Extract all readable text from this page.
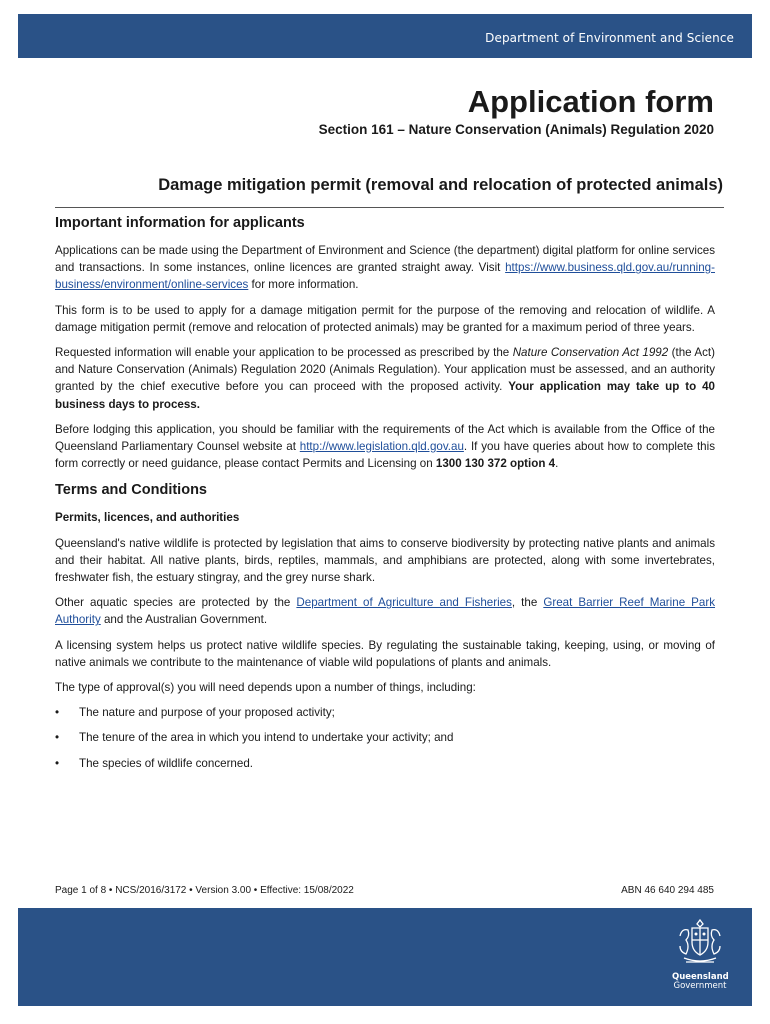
Department of Environment and Science
Application form
Section 161 – Nature Conservation (Animals) Regulation 2020
Damage mitigation permit (removal and relocation of protected animals)
Important information for applicants

Applications can be made using the Department of Environment and Science (the department) digital platform for online services and transactions. In some instances, online licences are granted straight away. Visit https://www.business.qld.gov.au/running-business/environment/online-services for more information.

This form is to be used to apply for a damage mitigation permit for the purpose of the removing and relocation of wildlife. A damage mitigation permit (remove and relocation of protected animals) may be granted for a maximum period of three years.

Requested information will enable your application to be processed as prescribed by the Nature Conservation Act 1992 (the Act) and Nature Conservation (Animals) Regulation 2020 (Animals Regulation). Your application must be assessed, and an authority granted by the chief executive before you can proceed with the proposed activity. Your application may take up to 40 business days to process.

Before lodging this application, you should be familiar with the requirements of the Act which is available from the Office of the Queensland Parliamentary Counsel website at http://www.legislation.qld.gov.au. If you have queries about how to complete this form correctly or need guidance, please contact Permits and Licensing on 1300 130 372 option 4.

Terms and Conditions
Permits, licences, and authorities

Queensland's native wildlife is protected by legislation that aims to conserve biodiversity by protecting native plants and animals and their habitat. All native plants, birds, reptiles, mammals, and amphibians are protected, along with some invertebrates, freshwater fish, the estuary stingray, and the grey nurse shark.

Other aquatic species are protected by the Department of Agriculture and Fisheries, the Great Barrier Reef Marine Park Authority and the Australian Government.

A licensing system helps us protect native wildlife species. By regulating the sustainable taking, keeping, using, or moving of native animals we contribute to the maintenance of viable wild populations of plants and animals.

The type of approval(s) you will need depends upon a number of things, including:

• The nature and purpose of your proposed activity;
• The tenure of the area in which you intend to undertake your activity; and
• The species of wildlife concerned.
Page 1 of 8 • NCS/2016/3172 • Version 3.00 • Effective: 15/08/2022	ABN 46 640 294 485
Queensland
Government
